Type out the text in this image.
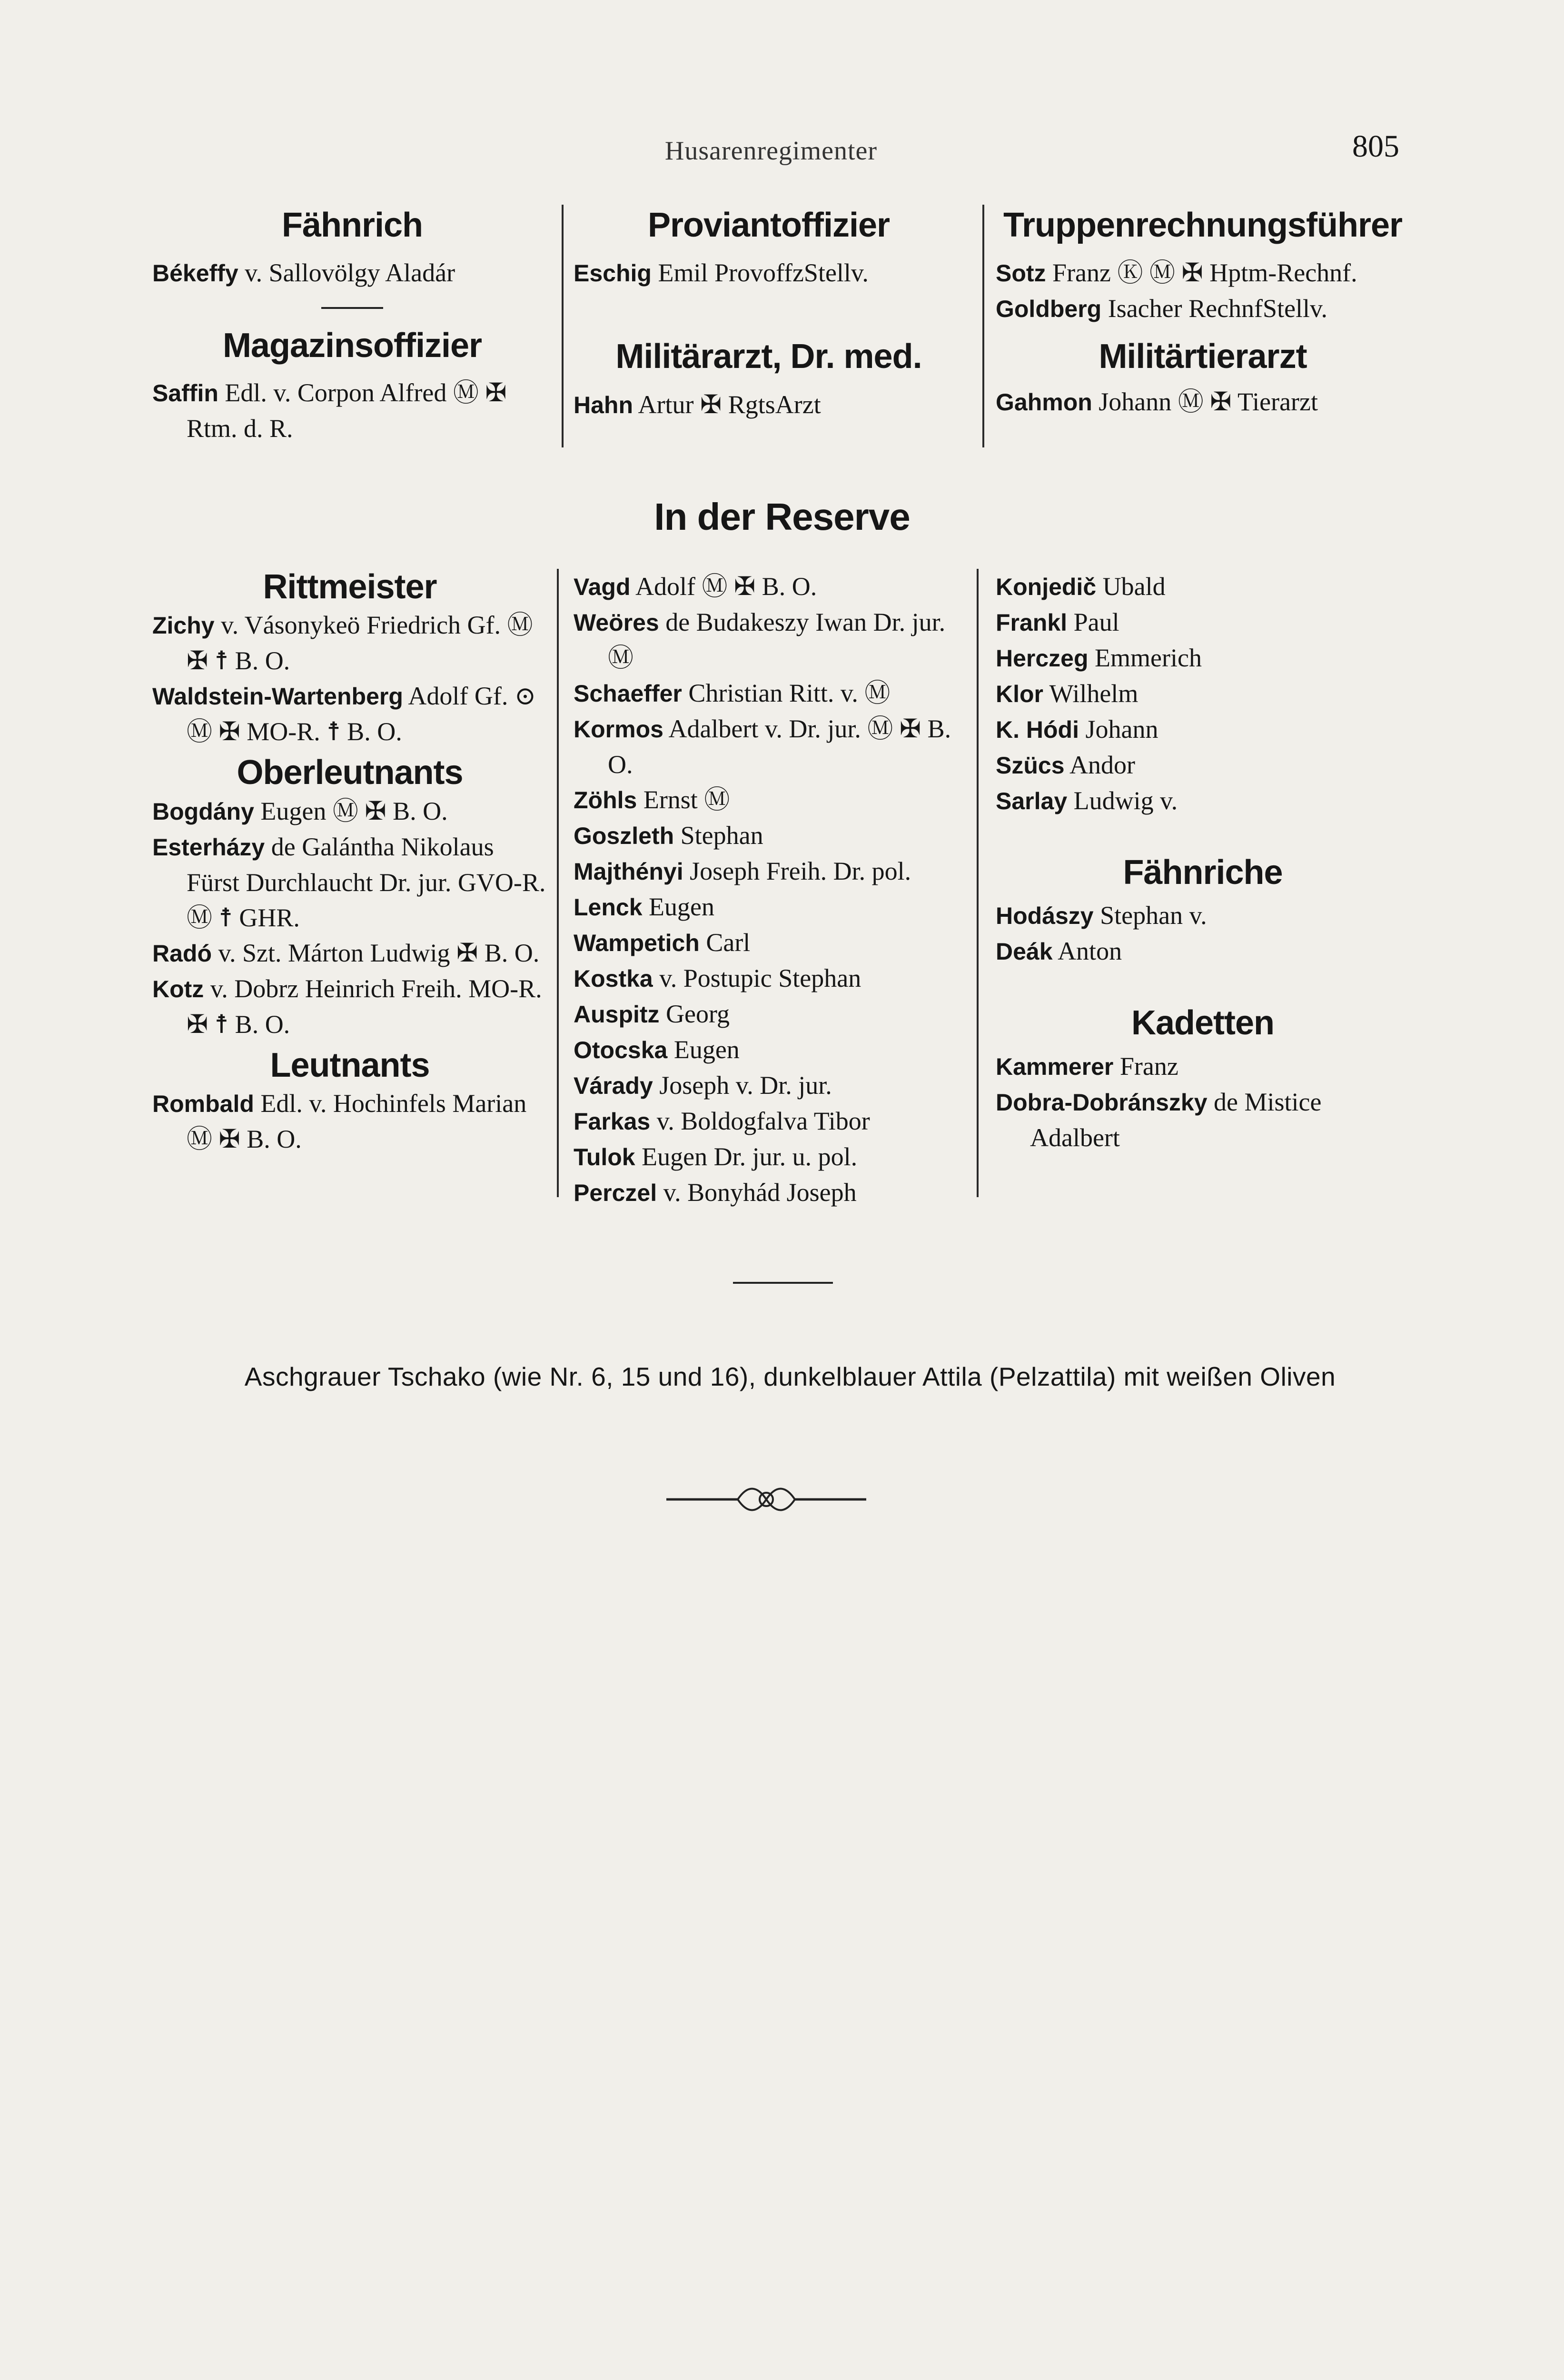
Husarenregimenter	805
Fähnrich

Békeffy v. Sallovölgy Aladár

Magazinsoffizier

Saffin Edl. v. Corpon Alfred Ⓜ ✠ Rtm. d. R.

Proviantoffizier

Eschig Emil ProvoffzStellv.

Militärarzt, Dr. med.

Hahn Artur ✠ RgtsArzt

Truppenrechnungsführer

Sotz Franz Ⓚ Ⓜ ✠ Hptm-Rechnf.

Goldberg Isacher RechnfStellv.

Militärtierarzt

Gahmon Johann Ⓜ ✠ Tierarzt

In der Reserve
Rittmeister

Zichy v. Vásonykeö Friedrich Gf. Ⓜ ✠ ☨ B. O.

Waldstein-Wartenberg Adolf Gf. ⊙ Ⓜ ✠ MO-R. ☨ B. O.

Oberleutnants

Bogdány Eugen Ⓜ ✠ B. O.

Esterházy de Galántha Nikolaus Fürst Durchlaucht Dr. jur. GVO-R. Ⓜ ☨ GHR.

Radó v. Szt. Márton Ludwig ✠ B. O.

Kotz v. Dobrz Heinrich Freih. MO-R. ✠ ☨ B. O.

Leutnants

Rombald Edl. v. Hochinfels Marian Ⓜ ✠ B. O.

Vagd Adolf Ⓜ ✠ B. O.

Weöres de Budakeszy Iwan Dr. jur. Ⓜ

Schaeffer Christian Ritt. v. Ⓜ

Kormos Adalbert v. Dr. jur. Ⓜ ✠ B. O.

Zöhls Ernst Ⓜ

Goszleth Stephan

Majthényi Joseph Freih. Dr. pol.

Lenck Eugen

Wampetich Carl

Kostka v. Postupic Stephan

Auspitz Georg

Otocska Eugen

Várady Joseph v. Dr. jur.

Farkas v. Boldogfalva Tibor

Tulok Eugen Dr. jur. u. pol.

Perczel v. Bonyhád Joseph

Konjedič Ubald

Frankl Paul

Herczeg Emmerich

Klor Wilhelm

K. Hódi Johann

Szücs Andor

Sarlay Ludwig v.

Fähnriche

Hodászy Stephan v.

Deák Anton

Kadetten

Kammerer Franz

Dobra-Dobránszky de Mistice Adalbert

Aschgrauer Tschako (wie Nr. 6, 15 und 16), dunkelblauer Attila (Pelzattila) mit weißen Oliven
